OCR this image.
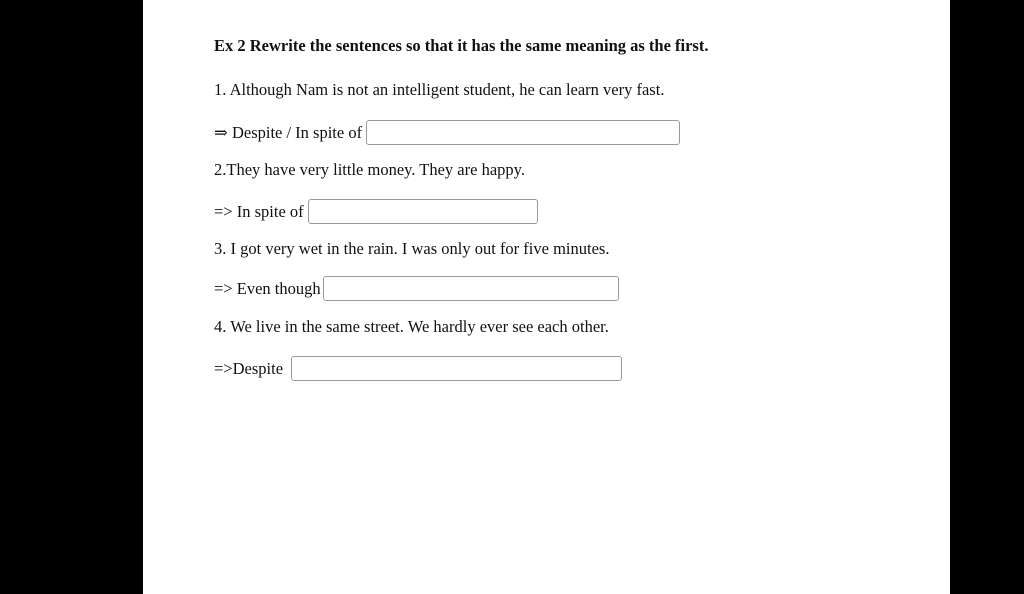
Ex 2 Rewrite the sentences so that it has the same meaning as the first.
1. Although Nam is not an intelligent student, he can learn very fast.
⇒ Despite / In spite of
2.They have very little money. They are happy.
=> In spite of
3. I got very wet in the rain. I was only out for five minutes.
=> Even though
4. We live in the same street. We hardly ever see each other.
=>Despite
